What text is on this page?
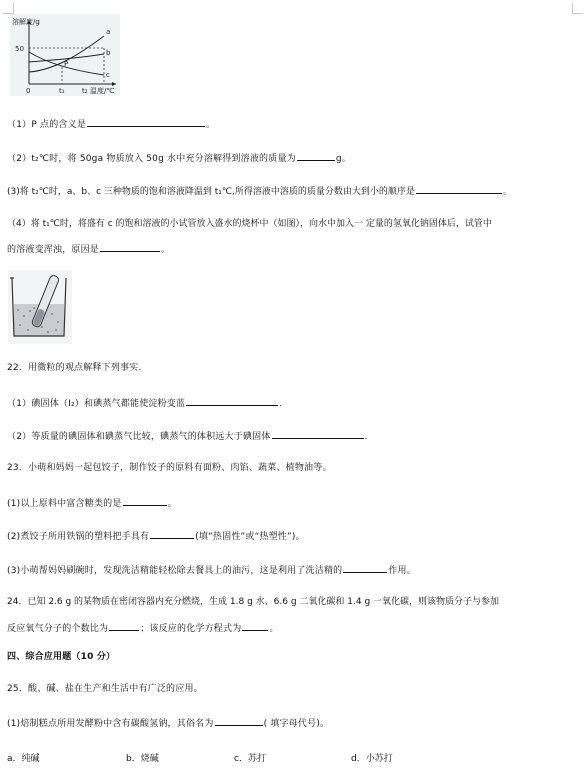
溶解度/g
50
0	t₁ t₂ 温度/℃
a
b
c
P
（1）P 点的含义是	。
（2）t₂℃时，将 50ga 物质放入 50g 水中充分溶解得到溶液的质量为	g。
(3)将 t₂℃时，a、b、c 三种物质的饱和溶液降温到 t₁℃,所得溶液中溶质的质量分数由大到小的顺序是	。
（4）将 t₁℃时，将盛有 c 的饱和溶液的小试管放入盛水的烧杯中（如图），向水中加入一 定量的氢氧化钠固体后，试管中
的溶液变浑浊，原因是	。
22．用微粒的观点解释下列事实.
（1）碘固体（I₂）和碘蒸气都能使淀粉变蓝	.
（2）等质量的碘固体和碘蒸气比较，碘蒸气的体积远大于碘固体	.
23．小萌和妈妈一起包饺子，制作饺子的原料有面粉、肉馅、蔬菜、植物油等。
(1)以上原料中富含糖类的是	。
(2)煮饺子所用铁锅的塑料把手具有	(填“热固性”或“热塑性”)。
(3)小萌帮妈妈刷碗时，发现洗洁精能轻松除去餐具上的油污，这是利用了洗洁精的	作用。
24．已知 2.6 g 的某物质在密闭容器内充分燃烧，生成 1.8 g 水、6.6 g 二氧化碳和 1.4 g 一氧化碳，则该物质分子与参加
反应氧气分子的个数比为	；该反应的化学方程式为	。
四、综合应用题（10 分）
25．酸、碱、盐在生产和生活中有广泛的应用。
(1)焙制糕点所用发酵粉中含有碳酸氢钠，其俗名为	( 填字母代号)。
a．纯碱	b．烧碱	c．苏打	d．小苏打
